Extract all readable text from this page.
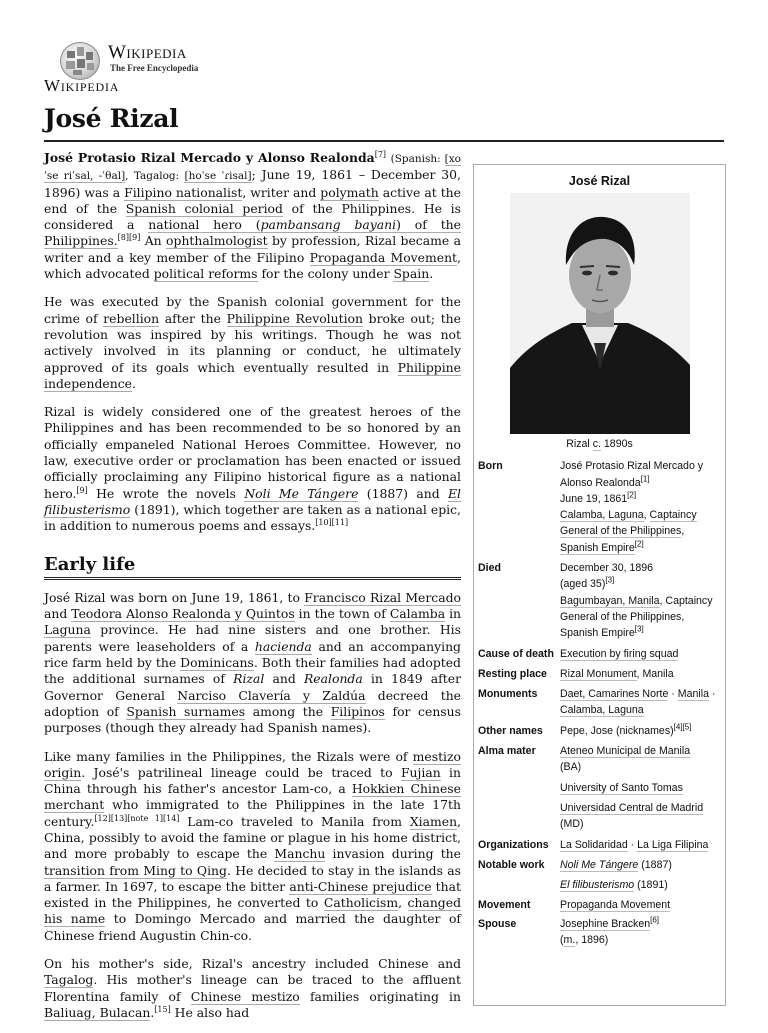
Wikipedia
The Free Encyclopedia
Wikipedia
José Rizal

José Protasio Rizal Mercado y Alonso Realonda[7] (Spanish: [xoˈse riˈsal, -ˈθal], Tagalog: [hoˈse ˈɾisal]; June 19, 1861 – December 30, 1896) was a Filipino nationalist, writer and polymath active at the end of the Spanish colonial period of the Philippines. He is considered a national hero (pambansang bayani) of the Philippines.[8][9] An ophthalmologist by profession, Rizal became a writer and a key member of the Filipino Propaganda Movement, which advocated political reforms for the colony under Spain.

He was executed by the Spanish colonial government for the crime of rebellion after the Philippine Revolution broke out; the revolution was inspired by his writings. Though he was not actively involved in its planning or conduct, he ultimately approved of its goals which eventually resulted in Philippine independence.

Rizal is widely considered one of the greatest heroes of the Philippines and has been recommended to be so honored by an officially empaneled National Heroes Committee. However, no law, executive order or proclamation has been enacted or issued officially proclaiming any Filipino historical figure as a national hero.[9] He wrote the novels Noli Me Tángere (1887) and El filibusterismo (1891), which together are taken as a national epic, in addition to numerous poems and essays.[10][11]

Early life

José Rizal was born on June 19, 1861, to Francisco Rizal Mercado and Teodora Alonso Realonda y Quintos in the town of Calamba in Laguna province. He had nine sisters and one brother. His parents were leaseholders of a hacienda and an accompanying rice farm held by the Dominicans. Both their families had adopted the additional surnames of Rizal and Realonda in 1849 after Governor General Narciso Clavería y Zaldúa decreed the adoption of Spanish surnames among the Filipinos for census purposes (though they already had Spanish names).

Like many families in the Philippines, the Rizals were of mestizo origin. José's patrilineal lineage could be traced to Fujian in China through his father's ancestor Lam-co, a Hokkien Chinese merchant who immigrated to the Philippines in the late 17th century.[12][13][note 1][14] Lam-co traveled to Manila from Xiamen, China, possibly to avoid the famine or plague in his home district, and more probably to escape the Manchu invasion during the transition from Ming to Qing. He decided to stay in the islands as a farmer. In 1697, to escape the bitter anti-Chinese prejudice that existed in the Philippines, he converted to Catholicism, changed his name to Domingo Mercado and married the daughter of Chinese friend Augustin Chin-co.

On his mother's side, Rizal's ancestry included Chinese and Tagalog. His mother's lineage can be traced to the affluent Florentina family of Chinese mestizo families originating in Baliuag, Bulacan.[15] He also had

José Rizal
Rizal c. 1890s
Born	José Protasio Rizal Mercado y Alonso Realonda[1]
June 19, 1861[2]
Calamba, Laguna, Captaincy General of the Philippines, Spanish Empire[2]
Died	December 30, 1896
(aged 35)[3]
Bagumbayan, Manila, Captaincy General of the Philippines, Spanish Empire[3]
Cause of death Execution by firing squad
Resting place	Rizal Monument, Manila
Monuments	Daet, Camarines Norte · Manila · Calamba, Laguna
Other names	Pepe, Jose (nicknames)[4][5]
Alma mater	Ateneo Municipal de Manila
(BA)

University of Santo Tomas

Universidad Central de Madrid
(MD)
Organizations	La Solidaridad · La Liga Filipina
Notable work	Noli Me Tángere (1887)

El filibusterismo (1891)
Movement	Propaganda Movement
Spouse	Josephine Bracken[6]
(m., 1896)
